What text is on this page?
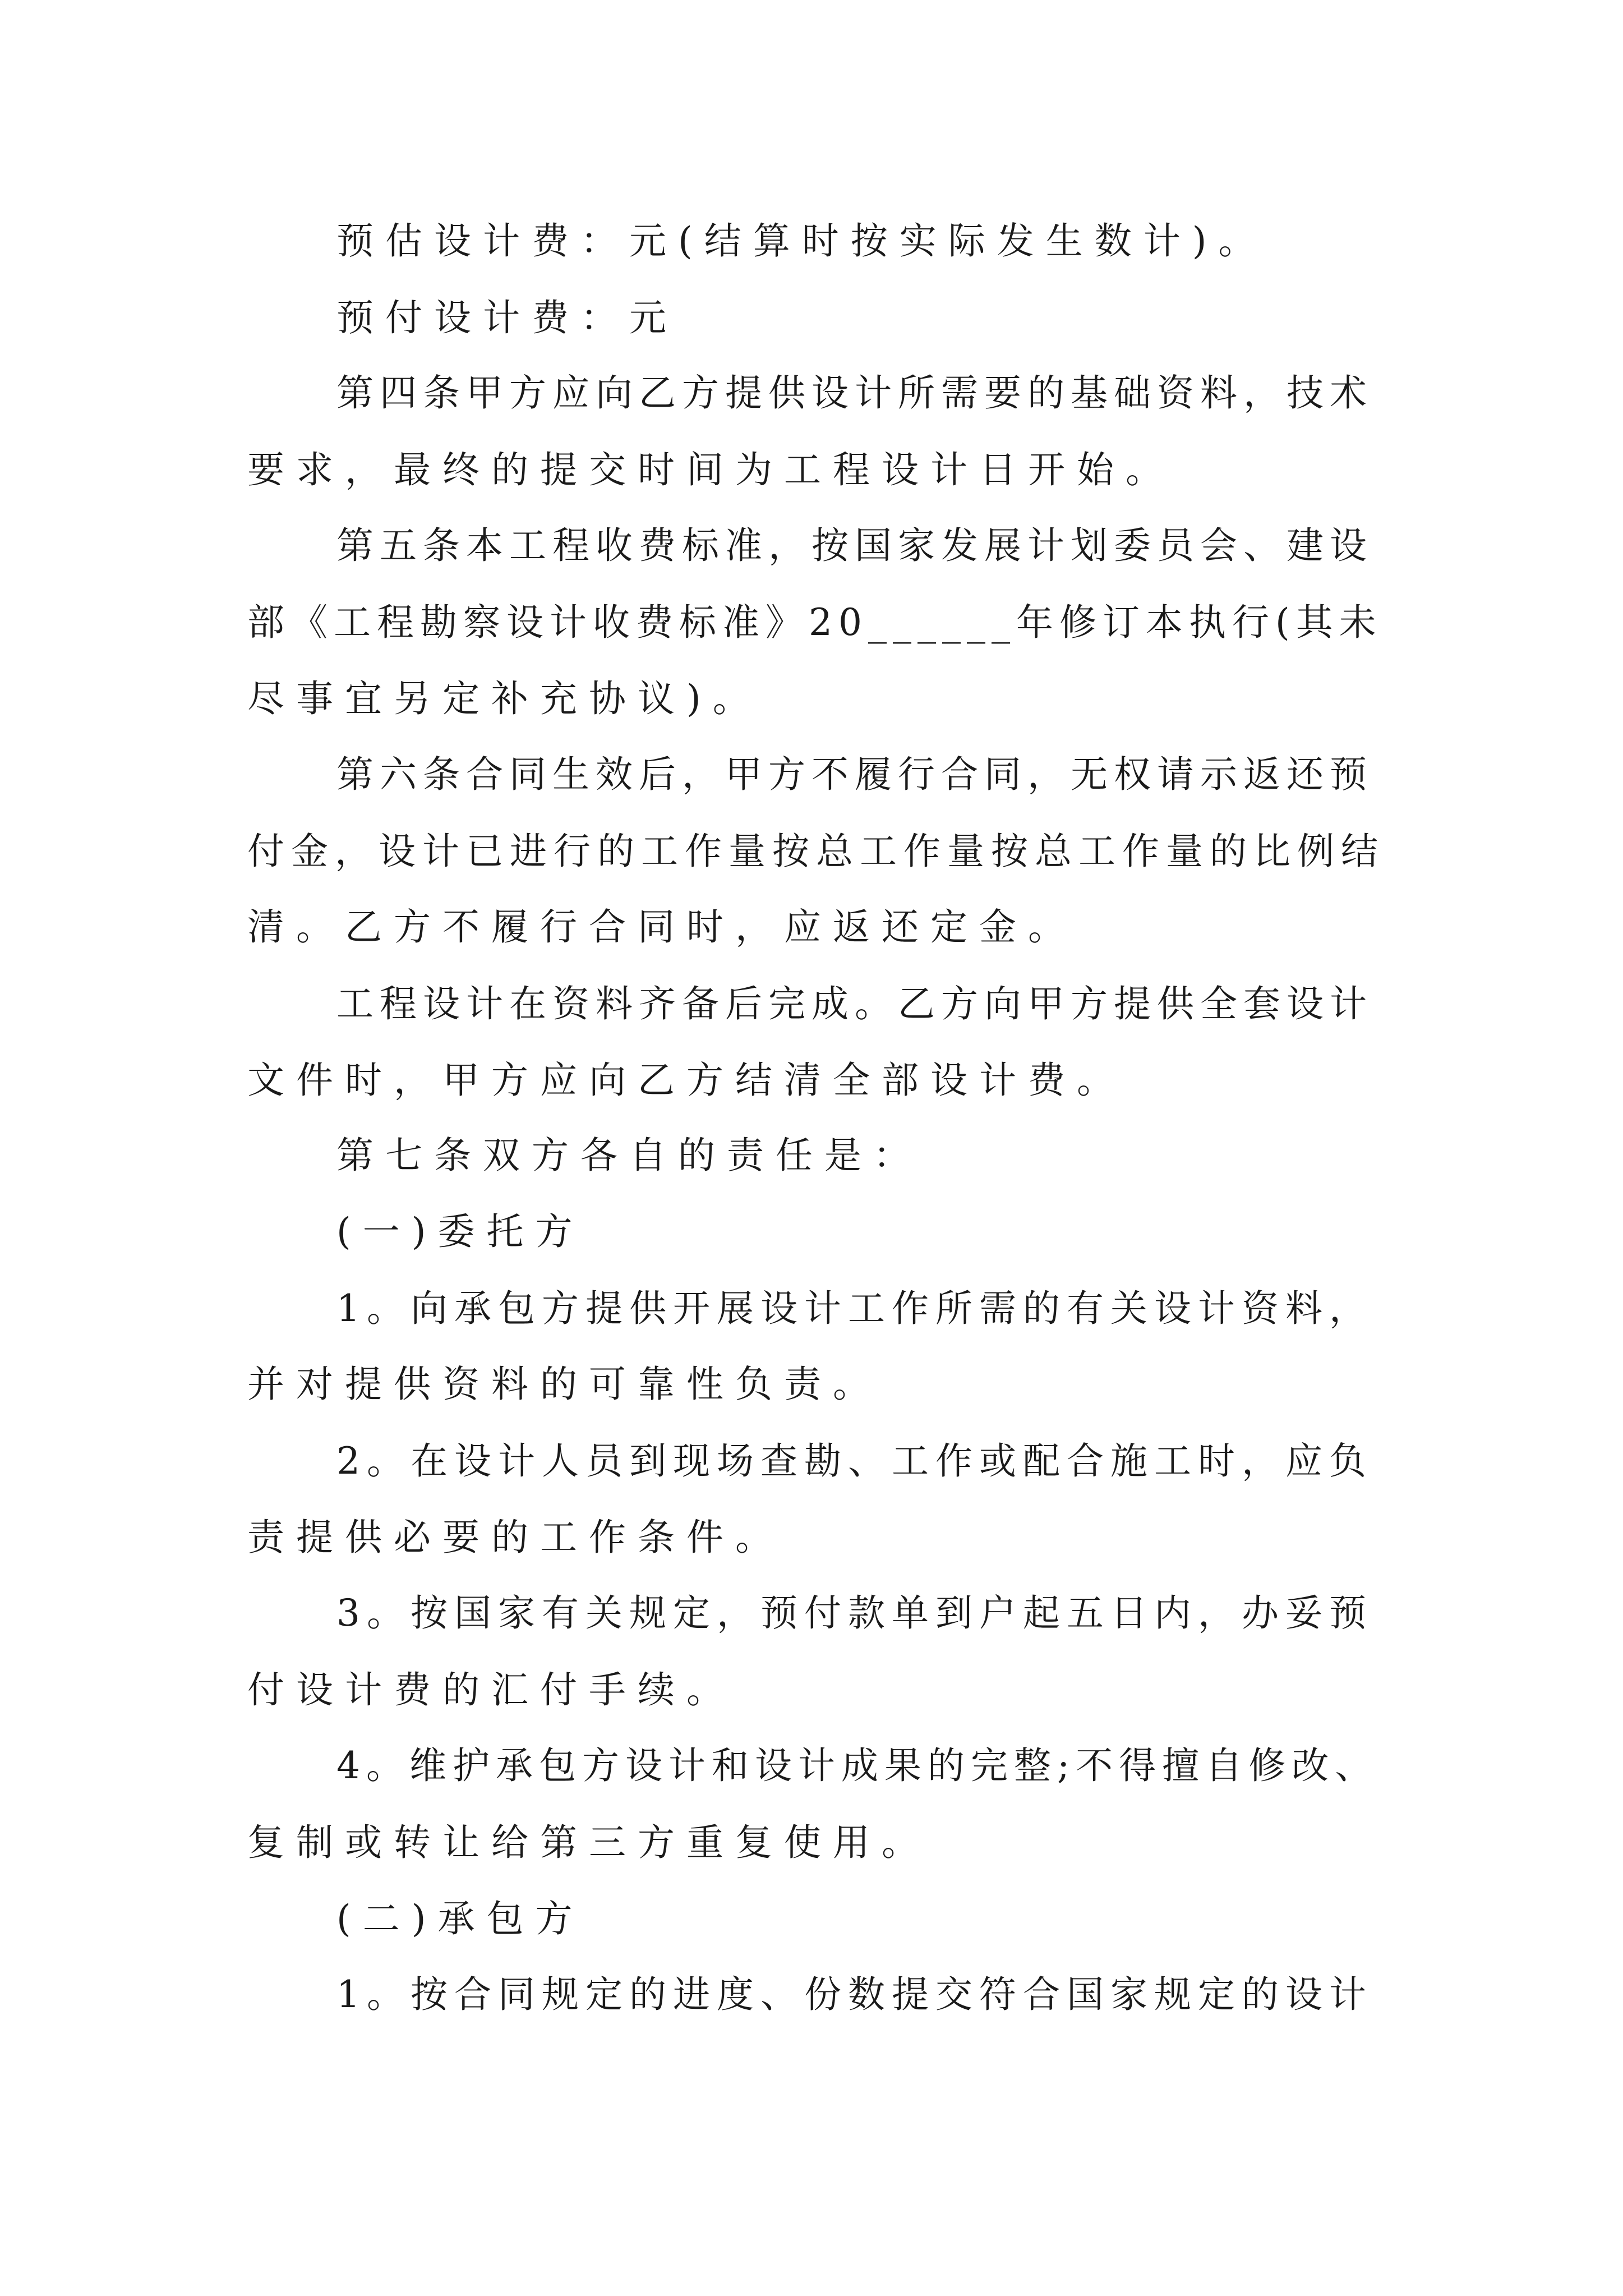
预估设计费：元(结算时按实际发生数计)。
预付设计费：元
第四条甲方应向乙方提供设计所需要的基础资料，技术
要求，最终的提交时间为工程设计日开始。
第五条本工程收费标准，按国家发展计划委员会、建设
部《工程勘察设计收费标准》20______年修订本执行(其未
尽事宜另定补充协议)。
第六条合同生效后，甲方不履行合同，无权请示返还预
付金，设计已进行的工作量按总工作量按总工作量的比例结
清。乙方不履行合同时，应返还定金。
工程设计在资料齐备后完成。乙方向甲方提供全套设计
文件时，甲方应向乙方结清全部设计费。
第七条双方各自的责任是：
(一)委托方
1。向承包方提供开展设计工作所需的有关设计资料，
并对提供资料的可靠性负责。
2。在设计人员到现场查勘、工作或配合施工时，应负
责提供必要的工作条件。
3。按国家有关规定，预付款单到户起五日内，办妥预
付设计费的汇付手续。
4。维护承包方设计和设计成果的完整;不得擅自修改、
复制或转让给第三方重复使用。
(二)承包方
1。按合同规定的进度、份数提交符合国家规定的设计
